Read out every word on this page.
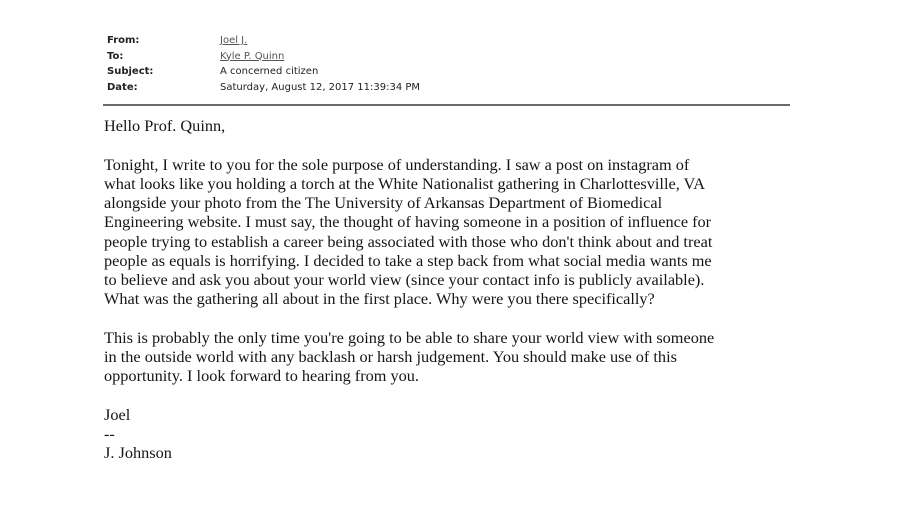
From:	Joel J.
To:	Kyle P. Quinn
Subject:	A concerned citizen
Date:	Saturday, August 12, 2017 11:39:34 PM

Hello Prof. Quinn,

Tonight, I write to you for the sole purpose of understanding. I saw a post on instagram of

what looks like you holding a torch at the White Nationalist gathering in Charlottesville, VA

alongside your photo from the The University of Arkansas Department of Biomedical

Engineering website. I must say, the thought of having someone in a position of influence for

people trying to establish a career being associated with those who don't think about and treat

people as equals is horrifying. I decided to take a step back from what social media wants me

to believe and ask you about your world view (since your contact info is publicly available).

What was the gathering all about in the first place. Why were you there specifically?

This is probably the only time you're going to be able to share your world view with someone

in the outside world with any backlash or harsh judgement. You should make use of this

opportunity. I look forward to hearing from you.

Joel

--

J. Johnson
